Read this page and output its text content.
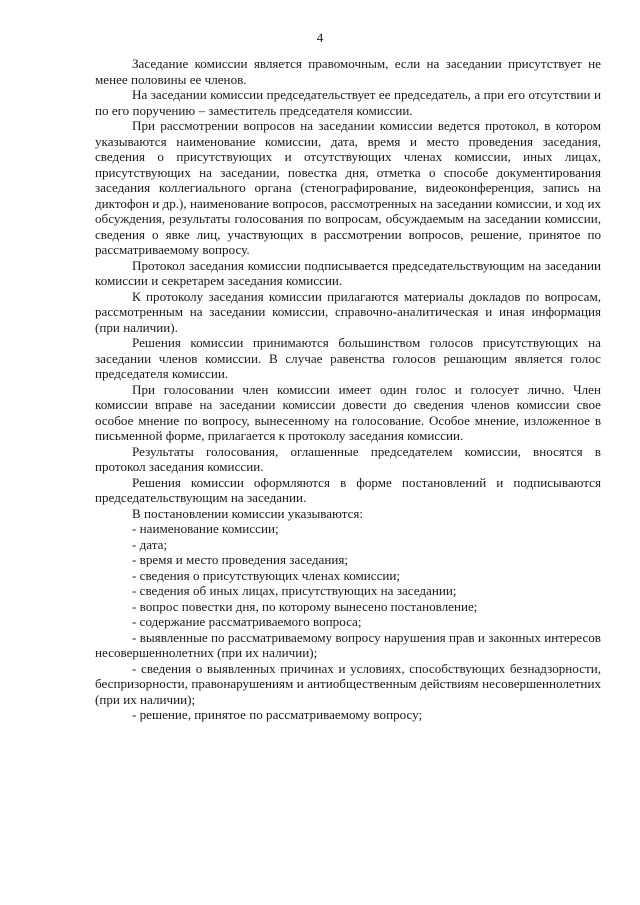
4

Заседание комиссии является правомочным, если на заседании присутствует не менее половины ее членов.

На заседании комиссии председательствует ее председатель, а при его отсутствии и по его поручению – заместитель председателя комиссии.

При рассмотрении вопросов на заседании комиссии ведется протокол, в котором указываются наименование комиссии, дата, время и место проведения заседания, сведения о присутствующих и отсутствующих членах комиссии, иных лицах, присутствующих на заседании, повестка дня, отметка о способе документирования заседания коллегиального органа (стенографирование, видеоконференция, запись на диктофон и др.), наименование вопросов, рассмотренных на заседании комиссии, и ход их обсуждения, результаты голосования по вопросам, обсуждаемым на заседании комиссии, сведения о явке лиц, участвующих в рассмотрении вопросов, решение, принятое по рассматриваемому вопросу.

Протокол заседания комиссии подписывается председательствующим на заседании комиссии и секретарем заседания комиссии.

К протоколу заседания комиссии прилагаются материалы докладов по вопросам, рассмотренным на заседании комиссии, справочно-аналитическая и иная информация (при наличии).

Решения комиссии принимаются большинством голосов присутствующих на заседании членов комиссии. В случае равенства голосов решающим является голос председателя комиссии.

При голосовании член комиссии имеет один голос и голосует лично. Член комиссии вправе на заседании комиссии довести до сведения членов комиссии свое особое мнение по вопросу, вынесенному на голосование. Особое мнение, изложенное в письменной форме, прилагается к протоколу заседания комиссии.

Результаты голосования, оглашенные председателем комиссии, вносятся в протокол заседания комиссии.

Решения комиссии оформляются в форме постановлений и подписываются председательствующим на заседании.

В постановлении комиссии указываются:

- наименование комиссии;

- дата;

- время и место проведения заседания;

- сведения о присутствующих членах комиссии;

- сведения об иных лицах, присутствующих на заседании;

- вопрос повестки дня, по которому вынесено постановление;

- содержание рассматриваемого вопроса;

- выявленные по рассматриваемому вопросу нарушения прав и законных интересов несовершеннолетних (при их наличии);

- сведения о выявленных причинах и условиях, способствующих безнадзорности, беспризорности, правонарушениям и антиобщественным действиям несовершеннолетних (при их наличии);

- решение, принятое по рассматриваемому вопросу;
